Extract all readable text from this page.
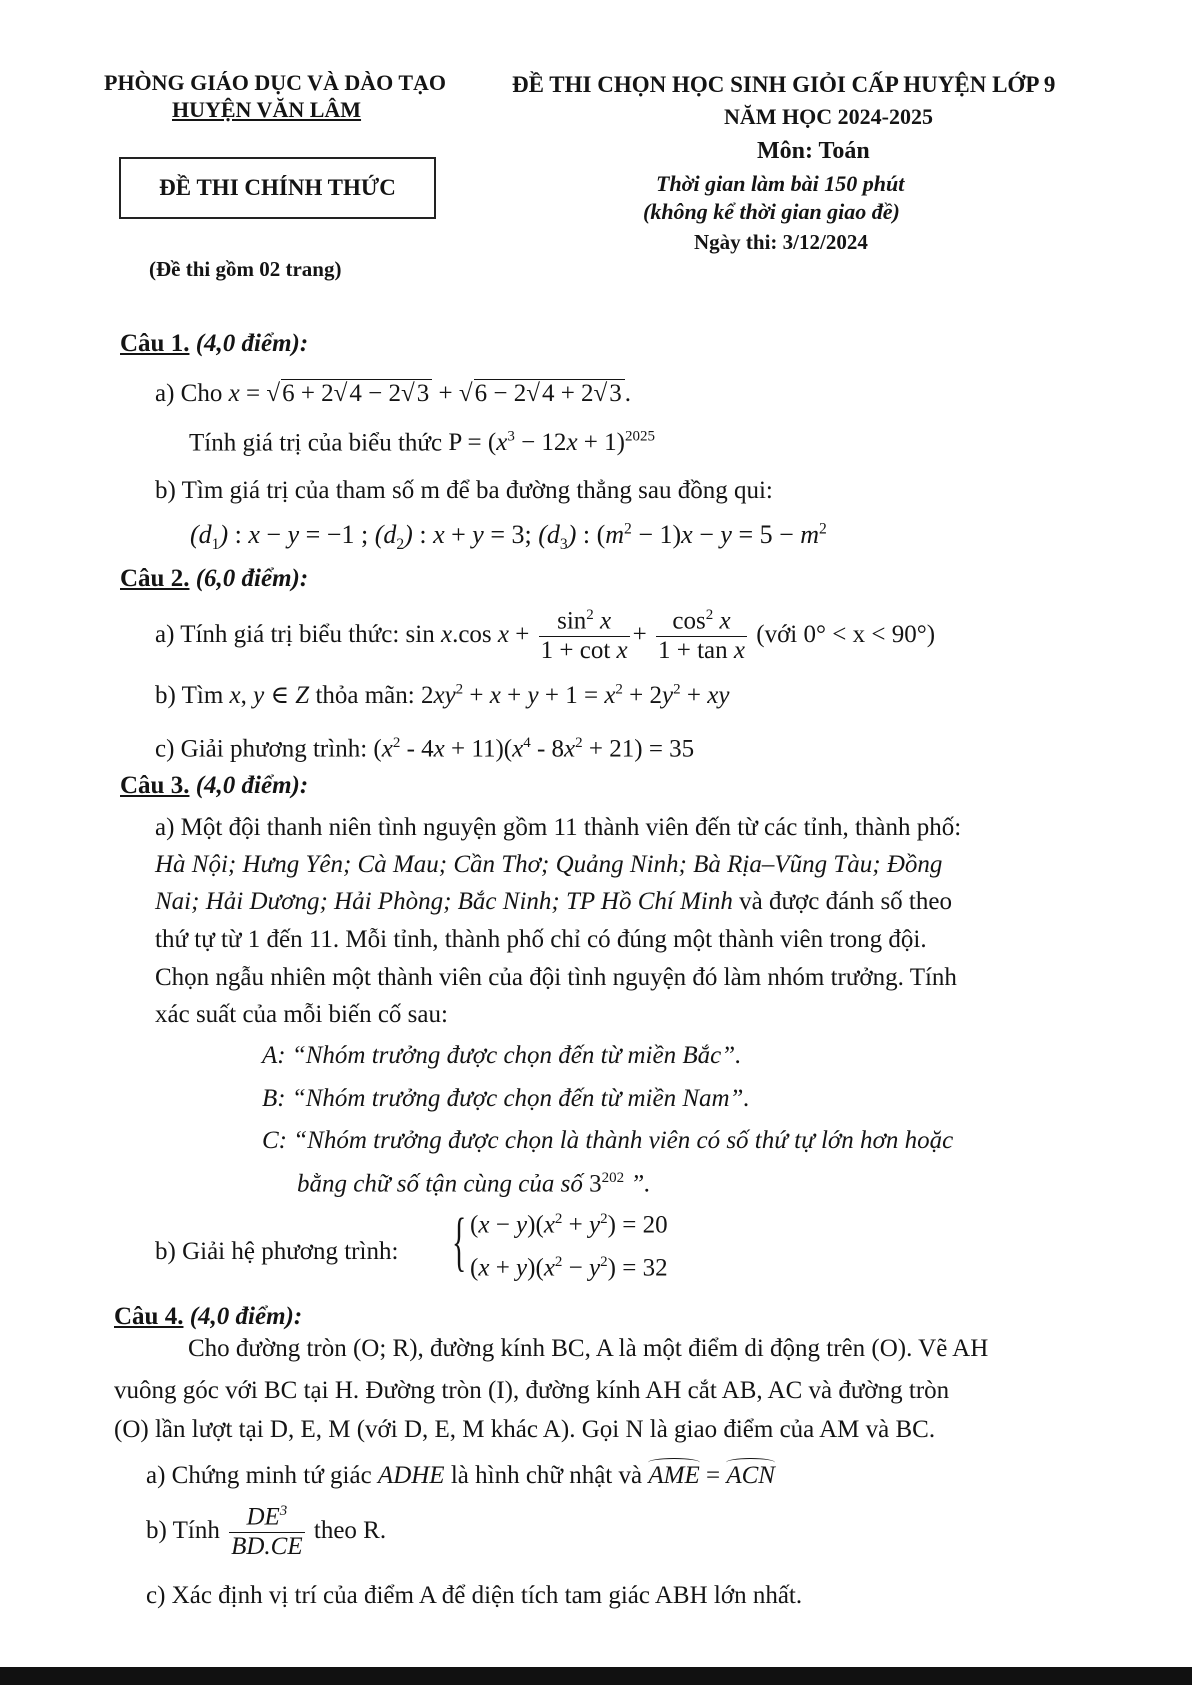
PHÒNG GIÁO DỤC VÀ DÀO TẠO
HUYỆN VĂN LÂM
ĐỀ THI CHỌN HỌC SINH GIỎI CẤP HUYỆN LỚP 9
NĂM HỌC 2024-2025
Môn: Toán
ĐỀ THI CHÍNH THỨC	Thời gian làm bài 150 phút
(không kể thời gian giao đề)
Ngày thi: 3/12/2024
(Đề thi gồm 02 trang)
Câu 1. (4,0 điểm):
a) Cho x = √6 + 2√4 − 2√3 + √6 − 2√4 + 2√3 .
Tính giá trị của biểu thức $P = (x^3 - 12x + 1)^{2025}$
b) Tìm giá trị của tham số m để ba đường thẳng sau đồng qui:
$(d_1)$ : x − y = −1 ; $(d_2)$ : x + y = 3; $(d_3)$ : $(m^2 - 1)x - y = 5 - m^2$
Câu 2. (6,0 điểm):
a) Tính giá trị biểu thức: sin x.cos $x + \frac{\sin^2 x}{\text{1 + cot x}} + \frac{\cos^2 x}{\text{1 + tan x}}$ (với 0° < x < 90°)
b) Tìm x, y ∈ Z thỏa mãn: $2xy^2 + x + y + 1 = x^2 + 2y^2$ + xy
c) Giải phương trình: $(x^2 - 4x + 11)(x^4 - 8x^2 + 21) = 35$
Câu 3. (4,0 điểm):
a) Một đội thanh niên tình nguyện gồm 11 thành viên đến từ các tỉnh, thành phố:
Hà Nội; Hưng Yên; Cà Mau; Cần Thơ; Quảng Ninh; Bà Rịa–Vũng Tàu; Đồng
Nai; Hải Dương; Hải Phòng; Bắc Ninh; TP Hồ Chí Minh và được đánh số theo
thứ tự từ 1 đến 11. Mỗi tỉnh, thành phố chỉ có đúng một thành viên trong đội.
Chọn ngẫu nhiên một thành viên của đội tình nguyện đó làm nhóm trưởng. Tính
xác suất của mỗi biến cố sau:
A: “Nhóm trưởng được chọn đến từ miền Bắc”.
B: “Nhóm trưởng được chọn đến từ miền Nam”.
C: “Nhóm trưởng được chọn là thành viên có số thứ tự lớn hơn hoặc
bằng chữ số tận cùng của số $3^{202}$ ”.
b) Giải hệ phương trình: { $(x - y)(x^2 + y^2) = 20$
$(x + y)(x^2 - y^2) = 32$
Câu 4. (4,0 điểm):
Cho đường tròn (O; R), đường kính BC, A là một điểm di động trên (O). Vẽ AH
vuông góc với BC tại H. Đường tròn (I), đường kính AH cắt AB, AC và đường tròn
(O) lần lượt tại D, E, M (với D, E, M khác A). Gọi N là giao điểm của AM và BC.
a) Chứng minh tứ giác ADHE là hình chữ nhật và AME = ACN
b) Tính $\frac{DE^3}{BD.CE}$ theo R.
c) Xác định vị trí của điểm A để diện tích tam giác ABH lớn nhất.
